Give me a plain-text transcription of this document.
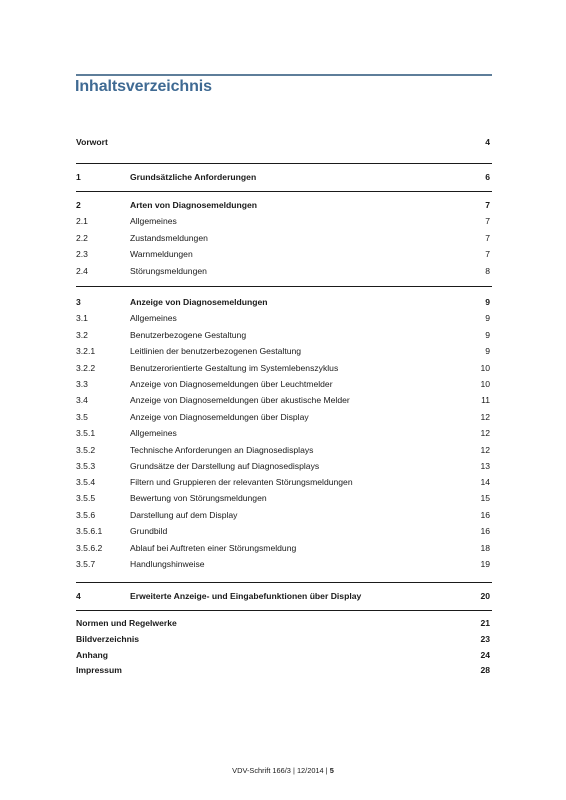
Inhaltsverzeichnis
Vorwort	4
1	Grundsätzliche Anforderungen	6
2	Arten von Diagnosemeldungen	7
2.1	Allgemeines	7
2.2	Zustandsmeldungen	7
2.3	Warnmeldungen	7
2.4	Störungsmeldungen	8
3	Anzeige von Diagnosemeldungen	9
3.1	Allgemeines	9
3.2	Benutzerbezogene Gestaltung	9
3.2.1	Leitlinien der benutzerbezogenen Gestaltung	9
3.2.2	Benutzerorientierte Gestaltung im Systemlebenszyklus	10
3.3	Anzeige von Diagnosemeldungen über Leuchtmelder	10
3.4	Anzeige von Diagnosemeldungen über akustische Melder	11
3.5	Anzeige von Diagnosemeldungen über Display	12
3.5.1	Allgemeines	12
3.5.2	Technische Anforderungen an Diagnosedisplays	12
3.5.3	Grundsätze der Darstellung auf Diagnosedisplays	13
3.5.4	Filtern und Gruppieren der relevanten Störungsmeldungen	14
3.5.5	Bewertung von Störungsmeldungen	15
3.5.6	Darstellung auf dem Display	16
3.5.6.1	Grundbild	16
3.5.6.2	Ablauf bei Auftreten einer Störungsmeldung	18
3.5.7	Handlungshinweise	19
4	Erweiterte Anzeige- und Eingabefunktionen über Display	20
Normen und Regelwerke	21
Bildverzeichnis	23
Anhang	24
Impressum	28
VDV-Schrift 166/3 | 12/2014 | 5
